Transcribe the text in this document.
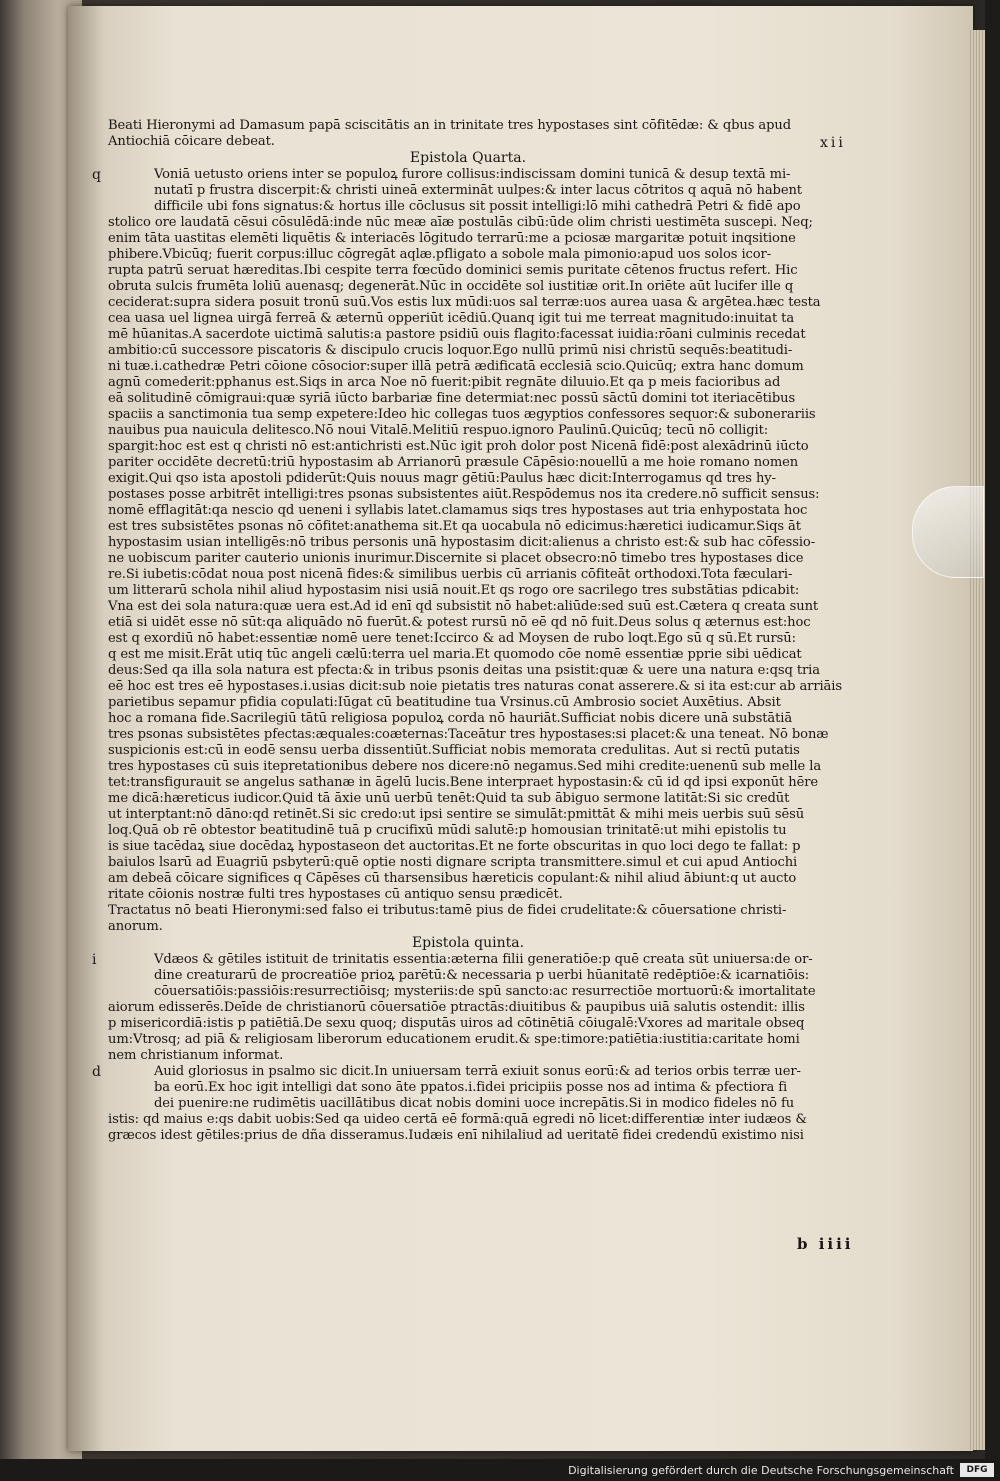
xii
Beati Hieronymi ad Damasum papā sciscitātis an in trinitate tres hypostases sint cōfitēdæ: & qbus apud
Antiochiā cōicare debeat.
Epistola Quarta.
q	Voniā uetusto oriens inter se populoꝝ furore collisus:indiscissam domini tunicā & desup textā mi-
nutatī p frustra discerpit:& christi uineā extermināt uulpes:& inter lacus cōtritos q aquā nō habent
difficile ubi fons signatus:& hortus ille cōclusus sit possit intelligi:lō mihi cathedrā Petri & fidē apo
stolico ore laudatā cēsui cōsulēdā:inde nūc meæ aīæ postulās cibū:ūde olim christi uestimēta suscepi. Neq;
enim tāta uastitas elemēti liquētis & interiacēs lōgitudo terrarū:me a pciosæ margaritæ potuit inqsitione
phibere.Vbicūq; fuerit corpus:illuc cōgregāt aqlæ.pfligato a sobole mala pimonio:apud uos solos icor-
rupta patrū seruat hæreditas.Ibi cespite terra fœcūdo dominici semis puritate cētenos fructus refert. Hic
obruta sulcis frumēta loliū auenasq; degenerāt.Nūc in occidēte sol iustitiæ orit.In oriēte aūt lucifer ille q
ceciderat:supra sidera posuit tronū suū.Vos estis lux mūdi:uos sal terræ:uos aurea uasa & argētea.hæc testa
cea uasa uel lignea uirgā ferreā & æternū opperiūt icēdiū.Quanq igit tui me terreat magnitudo:inuitat ta
mē hūanitas.A sacerdote uictimā salutis:a pastore psidiū ouis flagito:facessat iuidia:rōani culminis recedat
ambitio:cū successore piscatoris & discipulo crucis loquor.Ego nullū primū nisi christū sequēs:beatitudi-
ni tuæ.i.cathedræ Petri cōione cōsocior:super illā petrā ædificatā ecclesiā scio.Quicūq; extra hanc domum
agnū comederit:pphanus est.Siqs in arca Noe nō fuerit:pibit regnāte diluuio.Et qa p meis facioribus ad
eā solitudinē cōmigraui:quæ syriā iūcto barbariæ fine determiat:nec possū sāctū domini tot iteriacētibus
spaciis a sanctimonia tua semp expetere:Ideo hic collegas tuos ægyptios confessores sequor:& subonerariis
nauibus pua nauicula delitesco.Nō noui Vitalē.Melitiū respuo.ignoro Paulinū.Quicūq; tecū nō colligit:
spargit:hoc est est q christi nō est:antichristi est.Nūc igit proh dolor post Nicenā fidē:post alexādrinū iūcto
pariter occidēte decretū:triū hypostasim ab Arrianorū præsule Cāpēsio:nouellū a me hoie romano nomen
exigit.Qui qso ista apostoli pdiderūt:Quis nouus magr gētiū:Paulus hæc dicit:Interrogamus qd tres hy-
postases posse arbitrēt intelligi:tres psonas subsistentes aiūt.Respōdemus nos ita credere.nō sufficit sensus:
nomē efflagitāt:qa nescio qd ueneni i syllabis latet.clamamus siqs tres hypostases aut tria enhypostata hoc
est tres subsistētes psonas nō cōfitet:anathema sit.Et qa uocabula nō edicimus:hæretici iudicamur.Siqs āt
hypostasim usian intelligēs:nō tribus personis unā hypostasim dicit:alienus a christo est:& sub hac cōfessio-
ne uobiscum pariter cauterio unionis inurimur.Discernite si placet obsecro:nō timebo tres hypostases dice
re.Si iubetis:cōdat noua post nicenā fides:& similibus uerbis cū arrianis cōfiteāt orthodoxi.Tota fæculari-
um litterarū schola nihil aliud hypostasim nisi usiā nouit.Et qs rogo ore sacrilego tres substātias pdicabit:
Vna est dei sola natura:quæ uera est.Ad id enī qd subsistit nō habet:aliūde:sed suū est.Cætera q creata sunt
etiā si uidēt esse nō sūt:qa aliquādo nō fuerūt.& potest rursū nō eē qd nō fuit.Deus solus q æternus est:hoc
est q exordiū nō habet:essentiæ nomē uere tenet:Iccirco & ad Moysen de rubo loqt.Ego sū q sū.Et rursū:
q est me misit.Erāt utiq tūc angeli cælū:terra uel maria.Et quomodo cōe nomē essentiæ pprie sibi uēdicat
deus:Sed qa illa sola natura est pfecta:& in tribus psonis deitas una psistit:quæ & uere una natura e:qsq tria
eē hoc est tres eē hypostases.i.usias dicit:sub noie pietatis tres naturas conat asserere.& si ita est:cur ab arriāis
parietibus sepamur pfidia copulati:Iūgat cū beatitudine tua Vrsinus.cū Ambrosio societ Auxētius. Absit
hoc a romana fide.Sacrilegiū tātū religiosa populoꝝ corda nō hauriāt.Sufficiat nobis dicere unā substātiā
tres psonas subsistētes pfectas:æquales:coæternas:Taceātur tres hypostases:si placet:& una teneat. Nō bonæ
suspicionis est:cū in eodē sensu uerba dissentiūt.Sufficiat nobis memorata credulitas. Aut si rectū putatis
tres hypostases cū suis itepretationibus debere nos dicere:nō negamus.Sed mihi credite:uenenū sub melle la
tet:transfigurauit se angelus sathanæ in āgelū lucis.Bene interpraet hypostasin:& cū id qd ipsi exponūt hēre
me dicā:hæreticus iudicor.Quid tā āxie unū uerbū tenēt:Quid ta sub ābiguo sermone latitāt:Si sic credūt
ut interptant:nō dāno:qd retinēt.Si sic credo:ut ipsi sentire se simulāt:pmittāt & mihi meis uerbis suū sēsū
loq.Quā ob rē obtestor beatitudinē tuā p crucifixū mūdi salutē:p homousian trinitatē:ut mihi epistolis tu
is siue tacēdaꝝ siue docēdaꝝ hypostaseon det auctoritas.Et ne forte obscuritas in quo loci dego te fallat: p
baiulos lsarū ad Euagriū psbyterū:quē optie nosti dignare scripta transmittere.simul et cui apud Antiochi
am debeā cōicare significes q Cāpēses cū tharsensibus hæreticis copulant:& nihil aliud ābiunt:q ut aucto
ritate cōionis nostræ fulti tres hypostases cū antiquo sensu prædicēt.
Tractatus nō beati Hieronymi:sed falso ei tributus:tamē pius de fidei crudelitate:& cōuersatione christi-
anorum.
Epistola quinta.
i	Vdæos & gētiles istituit de trinitatis essentia:æterna filii generatiōe:p quē creata sūt uniuersa:de or-
dine creaturarū de procreatiōe prioꝝ parētū:& necessaria p uerbi hūanitatē redēptiōe:& icarnatiōis:
cōuersatiōis:passiōis:resurrectiōisq; mysteriis:de spū sancto:ac resurrectiōe mortuorū:& imortalitate
aiorum edisserēs.Deīde de christianorū cōuersatiōe ptractās:diuitibus & paupibus uiā salutis ostendit: illis
p misericordiā:istis p patiētiā.De sexu quoq; disputās uiros ad cōtinētiā cōiugalē:Vxores ad maritale obseq
um:Vtrosq; ad piā & religiosam liberorum educationem erudit.& spe:timore:patiētia:iustitia:caritate homi
nem christianum informat.
d	Auid gloriosus in psalmo sic dicit.In uniuersam terrā exiuit sonus eorū:& ad terios orbis terræ uer-
ba eorū.Ex hoc igit intelligi dat sono āte ppatos.i.fidei pricipiis posse nos ad intima & pfectiora fi
dei puenire:ne rudimētis uacillātibus dicat nobis domini uoce increpātis.Si in modico fideles nō fu
istis: qd maius e:qs dabit uobis:Sed qa uideo certā eē formā:quā egredi nō licet:differentiæ inter iudæos &
græcos idest gētiles:prius de dña disseramus.Iudæis enī nihilaliud ad ueritatē fidei credendū existimo nisi
b iiii
Digitalisierung gefördert durch die Deutsche Forschungsgemeinschaft	DFG
